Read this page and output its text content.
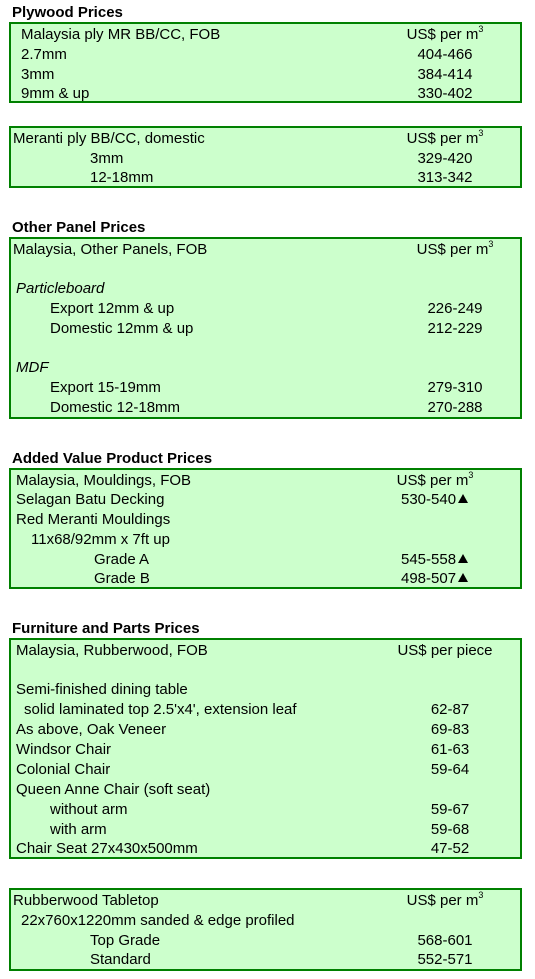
Plywood Prices
Malaysia ply MR BB/CC, FOB	US$ per $m^3$
2.7mm	404-466
3mm	384-414
9mm & up	330-402
Meranti ply BB/CC, domestic	US$ per $m^3$
3mm	329-420
12-18mm	313-342
Other Panel Prices
Malaysia, Other Panels, FOB	US$ per $m^3$
Particleboard
Export 12mm & up	226-249
Domestic 12mm & up	212-229
MDF
Export 15-19mm	279-310
Domestic 12-18mm	270-288
Added Value Product Prices
Malaysia, Mouldings, FOB	US$ per $m^3$
Selagan Batu Decking	530-540
Red Meranti Mouldings
11x68/92mm x 7ft up
Grade A	545-558
Grade B	498-507
Furniture and Parts Prices
Malaysia, Rubberwood, FOB	US$ per piece
Semi-finished dining table
solid laminated top 2.5'x4', extension leaf	62-87
As above, Oak Veneer	69-83
Windsor Chair	61-63
Colonial Chair	59-64
Queen Anne Chair (soft seat)
without arm	59-67
with arm	59-68
Chair Seat 27x430x500mm	47-52
Rubberwood Tabletop	US$ per $m^3$
22x760x1220mm sanded & edge profiled
Top Grade	568-601
Standard	552-571
